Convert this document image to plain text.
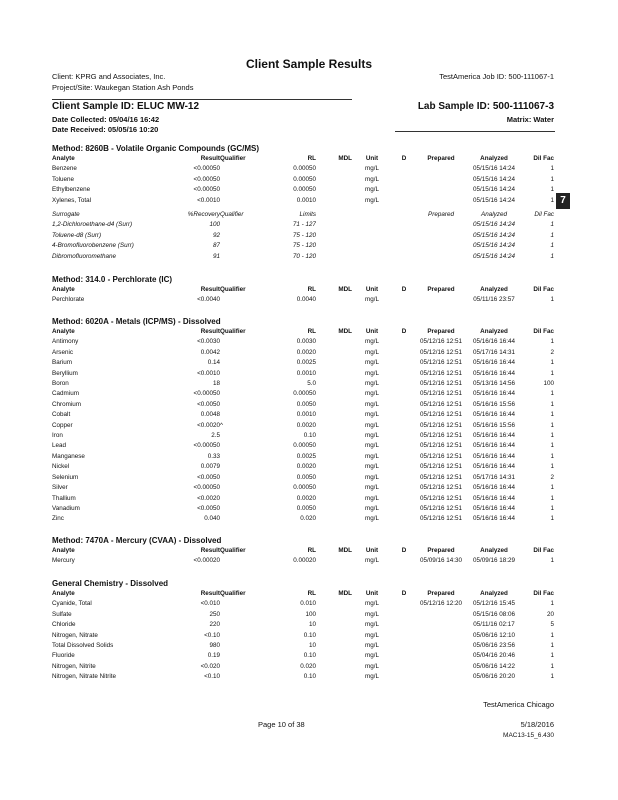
Client Sample Results
Client: KPRG and Associates, Inc.
Project/Site: Waukegan Station Ash Ponds
TestAmerica Job ID: 500-111067-1
Client Sample ID: ELUC MW-12	Lab Sample ID: 500-111067-3
Date Collected: 05/04/16 16:42
Date Received: 05/05/16 10:20
Matrix: Water
7
Method: 8260B - Volatile Organic Compounds (GC/MS)
Analyte	Result	Qualifier	RL	MDL	Unit	D	Prepared	Analyzed	Dil Fac
Benzene	<0.00050		0.00050		mg/L			05/15/16 14:24	1
Toluene	<0.00050		0.00050		mg/L			05/15/16 14:24	1
Ethylbenzene	<0.00050		0.00050		mg/L			05/15/16 14:24	1
Xylenes, Total	<0.0010		0.0010		mg/L			05/15/16 14:24	1

Surrogate	%Recovery	Qualifier	Limits				Prepared	Analyzed	Dil Fac
1,2-Dichloroethane-d4 (Surr)	100		71 - 127					05/15/16 14:24	1
Toluene-d8 (Surr)	92		75 - 120					05/15/16 14:24	1
4-Bromofluorobenzene (Surr)	87		75 - 120					05/15/16 14:24	1
Dibromofluoromethane	91		70 - 120					05/15/16 14:24	1
Method: 314.0 - Perchlorate (IC)
Analyte	Result	Qualifier	RL	MDL	Unit	D	Prepared	Analyzed	Dil Fac
Perchlorate	<0.0040		0.0040		mg/L			05/11/16 23:57	1
Method: 6020A - Metals (ICP/MS) - Dissolved
Analyte	Result	Qualifier	RL	MDL	Unit	D	Prepared	Analyzed	Dil Fac
Antimony	<0.0030		0.0030		mg/L		05/12/16 12:51	05/16/16 16:44	1
Arsenic	0.0042		0.0020		mg/L		05/12/16 12:51	05/17/16 14:31	2
Barium	0.14		0.0025		mg/L		05/12/16 12:51	05/16/16 16:44	1
Beryllium	<0.0010		0.0010		mg/L		05/12/16 12:51	05/16/16 16:44	1
Boron	18		5.0		mg/L		05/12/16 12:51	05/13/16 14:56	100
Cadmium	<0.00050		0.00050		mg/L		05/12/16 12:51	05/16/16 16:44	1
Chromium	<0.0050		0.0050		mg/L		05/12/16 12:51	05/16/16 15:56	1
Cobalt	0.0048		0.0010		mg/L		05/12/16 12:51	05/16/16 16:44	1
Copper	<0.0020	^	0.0020		mg/L		05/12/16 12:51	05/16/16 15:56	1
Iron	2.5		0.10		mg/L		05/12/16 12:51	05/16/16 16:44	1
Lead	<0.00050		0.00050		mg/L		05/12/16 12:51	05/16/16 16:44	1
Manganese	0.33		0.0025		mg/L		05/12/16 12:51	05/16/16 16:44	1
Nickel	0.0079		0.0020		mg/L		05/12/16 12:51	05/16/16 16:44	1
Selenium	<0.0050		0.0050		mg/L		05/12/16 12:51	05/17/16 14:31	2
Silver	<0.00050		0.00050		mg/L		05/12/16 12:51	05/16/16 16:44	1
Thallium	<0.0020		0.0020		mg/L		05/12/16 12:51	05/16/16 16:44	1
Vanadium	<0.0050		0.0050		mg/L		05/12/16 12:51	05/16/16 16:44	1
Zinc	0.040		0.020		mg/L		05/12/16 12:51	05/16/16 16:44	1
Method: 7470A - Mercury (CVAA) - Dissolved
Analyte	Result	Qualifier	RL	MDL	Unit	D	Prepared	Analyzed	Dil Fac
Mercury	<0.00020		0.00020		mg/L		05/09/16 14:30	05/09/16 18:29	1
General Chemistry - Dissolved
Analyte	Result	Qualifier	RL	MDL	Unit	D	Prepared	Analyzed	Dil Fac
Cyanide, Total	<0.010		0.010		mg/L		05/12/16 12:20	05/12/16 15:45	1
Sulfate	250		100		mg/L			05/15/16 08:06	20
Chloride	220		10		mg/L			05/11/16 02:17	5
Nitrogen, Nitrate	<0.10		0.10		mg/L			05/06/16 12:10	1
Total Dissolved Solids	980		10		mg/L			05/06/16 23:56	1
Fluoride	0.19		0.10		mg/L			05/04/16 20:46	1
Nitrogen, Nitrite	<0.020		0.020		mg/L			05/06/16 14:22	1
Nitrogen, Nitrate Nitrite	<0.10		0.10		mg/L			05/06/16 20:20	1
TestAmerica Chicago
Page 10 of 38	5/18/2016
MAC13-15_6.430
